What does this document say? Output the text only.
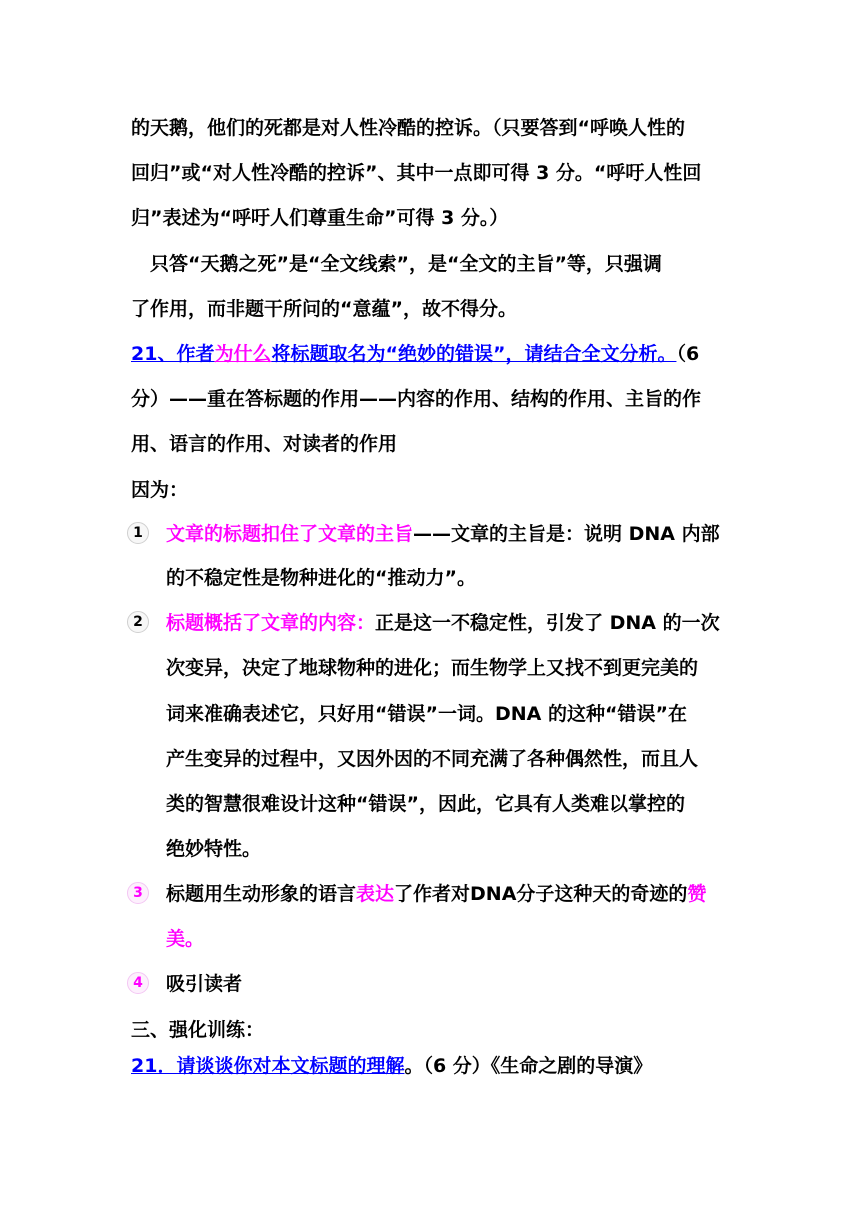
的天鹅，他们的死都是对人性冷酷的控诉。（只要答到“呼唤人性的
回归”或“对人性冷酷的控诉”、其中一点即可得 3 分。“呼吁人性回
归”表述为“呼吁人们尊重生命”可得 3 分。）
只答“天鹅之死”是“全文线索”，是“全文的主旨”等，只强调
了作用，而非题干所问的“意蕴”，故不得分。
21、作者为什么将标题取名为“绝妙的错误”，请结合全文分析。（6
分）——重在答标题的作用——内容的作用、结构的作用、主旨的作
用、语言的作用、对读者的作用
因为：
1	文章的标题扣住了文章的主旨——文章的主旨是：说明 DNA 内部
的不稳定性是物种进化的“推动力”。
2	标题概括了文章的内容：正是这一不稳定性，引发了 DNA 的一次
次变异，决定了地球物种的进化；而生物学上又找不到更完美的
词来准确表述它，只好用“错误”一词。DNA 的这种“错误”在
产生变异的过程中，又因外因的不同充满了各种偶然性，而且人
类的智慧很难设计这种“错误”，因此，它具有人类难以掌控的
绝妙特性。
3	标题用生动形象的语言表达了作者对DNA分子这种天的奇迹的赞
美。
4	吸引读者
三、强化训练：
21．请谈谈你对本文标题的理解。（6 分）《生命之剧的导演》
